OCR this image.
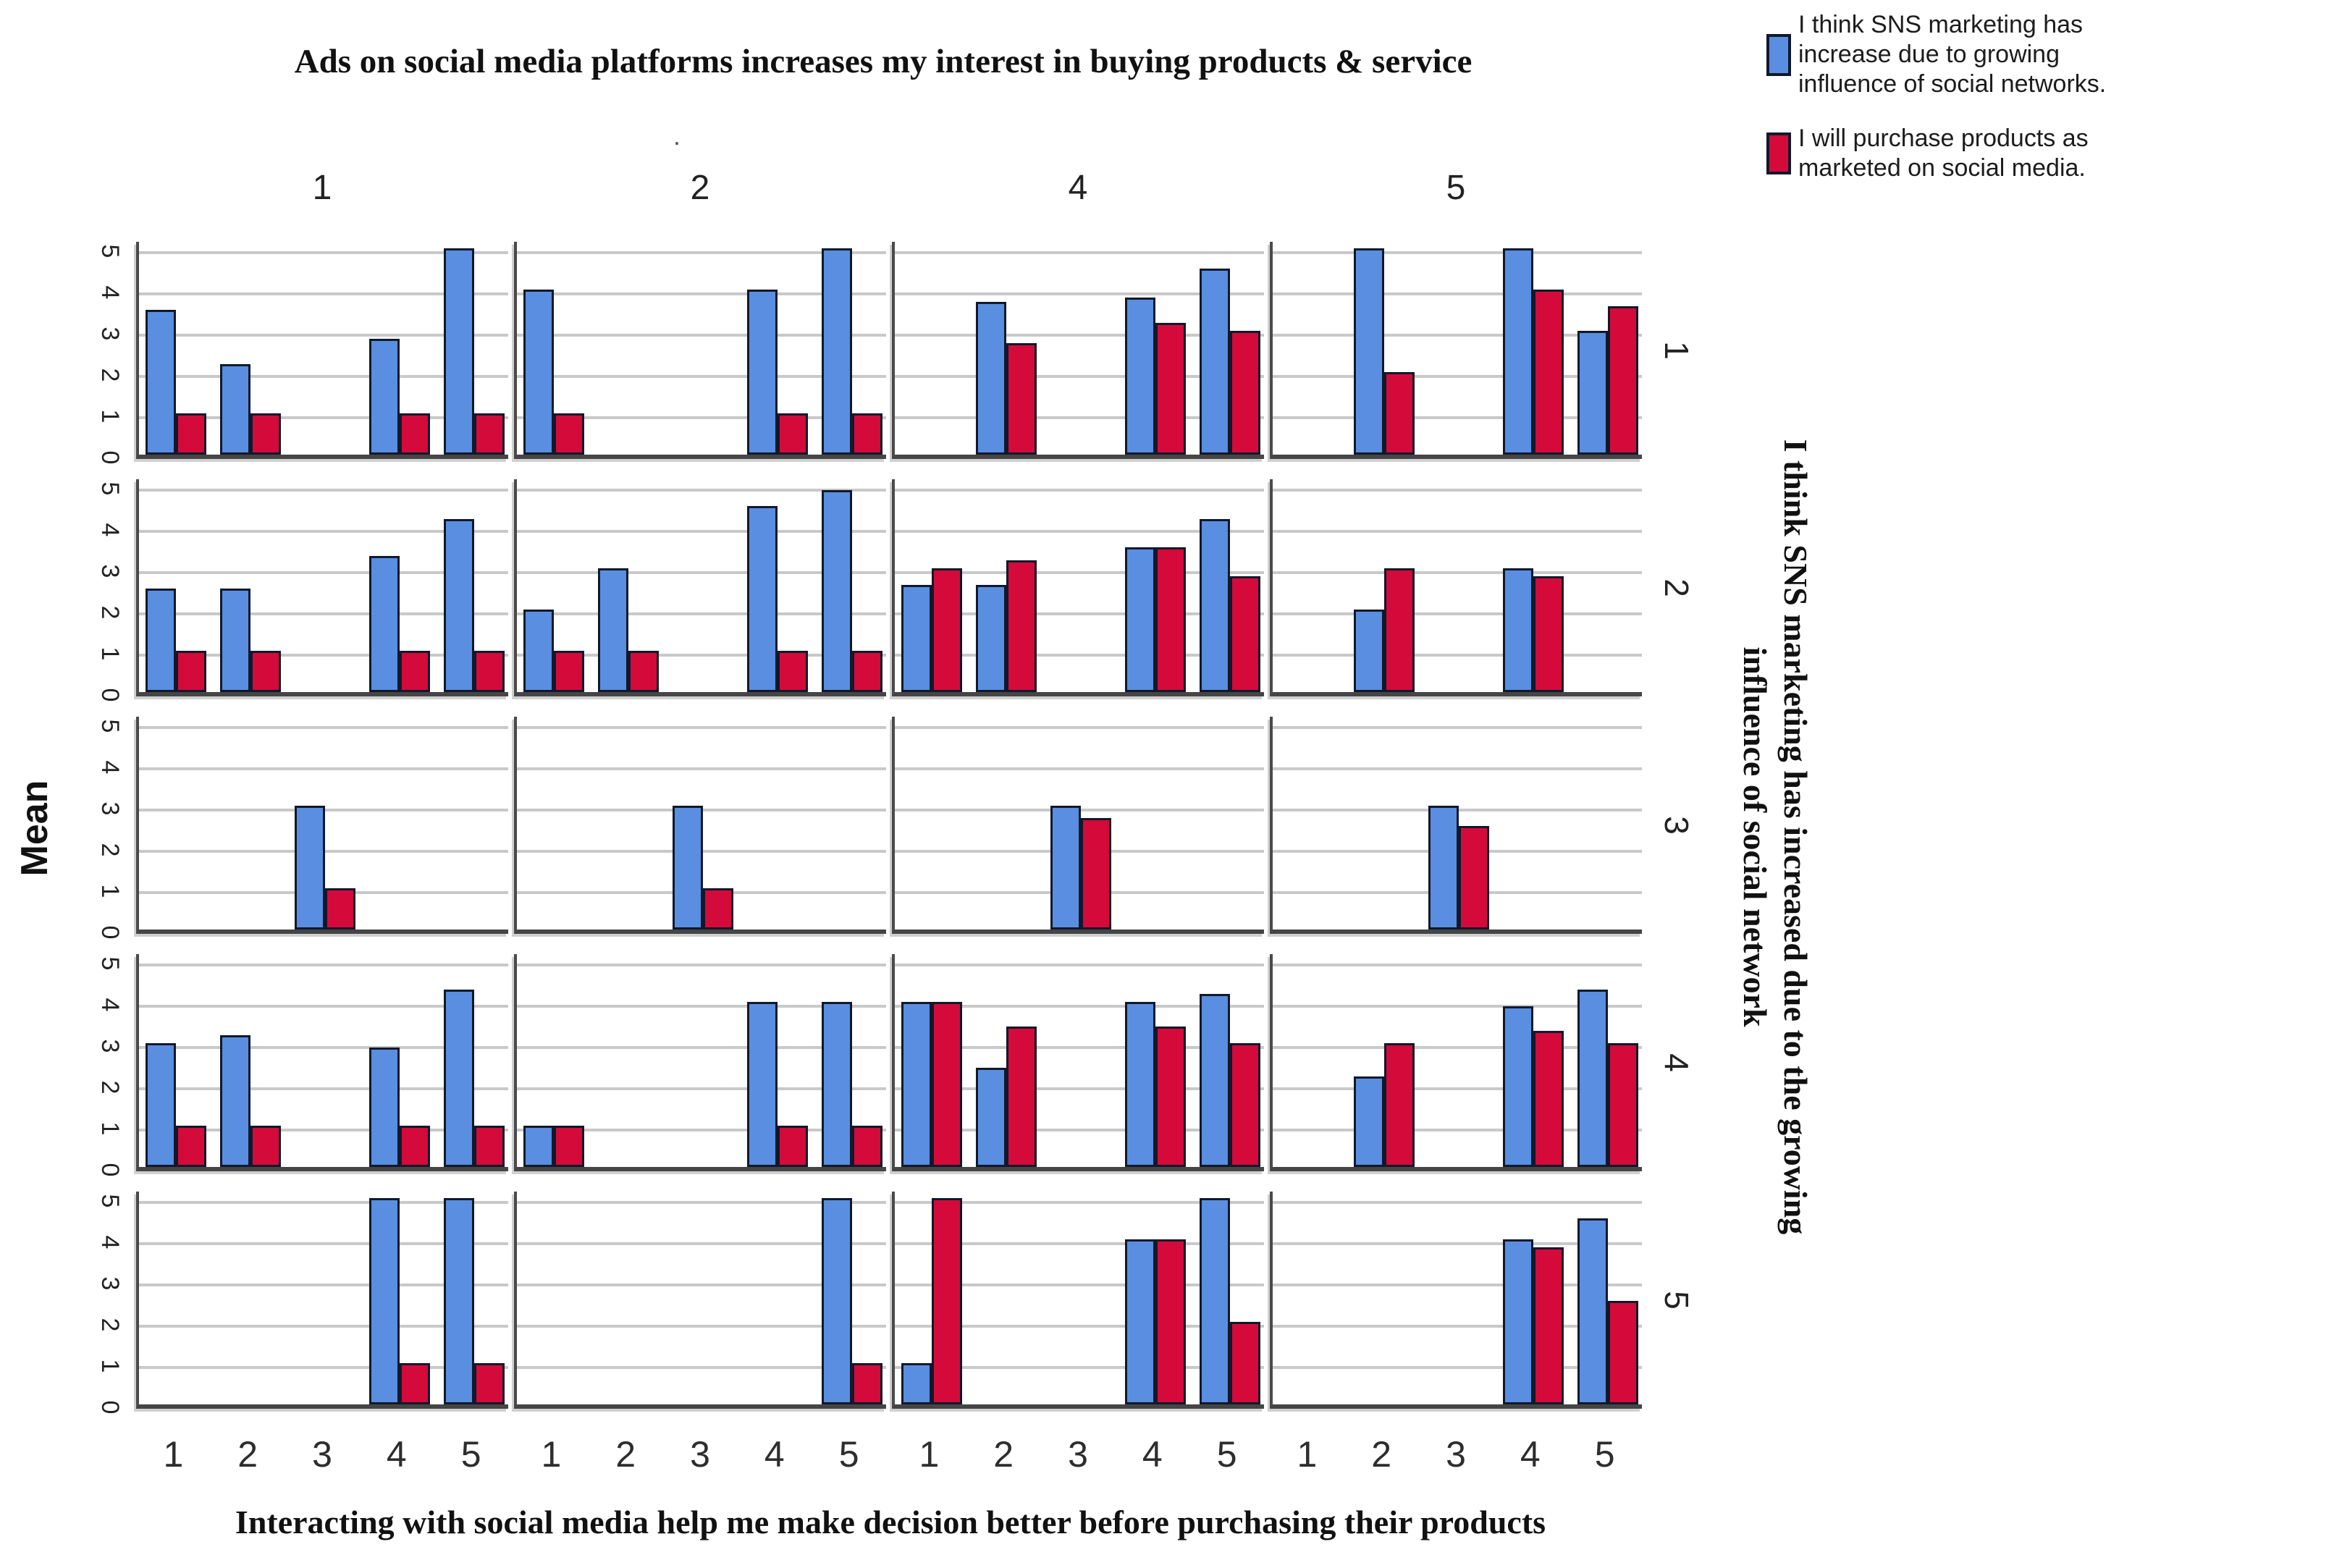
Ads on social media platforms increases my interest in buying products & service
.
I think SNS marketing has
increase due to growing
influence of social networks.
I will purchase products as
marketed on social media.
Mean	I think SNS marketing has increased due to the growing
influence of social network
Interacting with social media help me make decision better before purchasing their products
1	2	4	5
0
1
2
3
4
5
1
0
1
2
3
4
5
2
0
1
2
3
4
5
3
0
1
2
3
4
5
4
0
1
2
3
4
5
1	2	3	4	5	1	2	3	4	5	1	2	3	4	5
5
1	2	3	4	5
